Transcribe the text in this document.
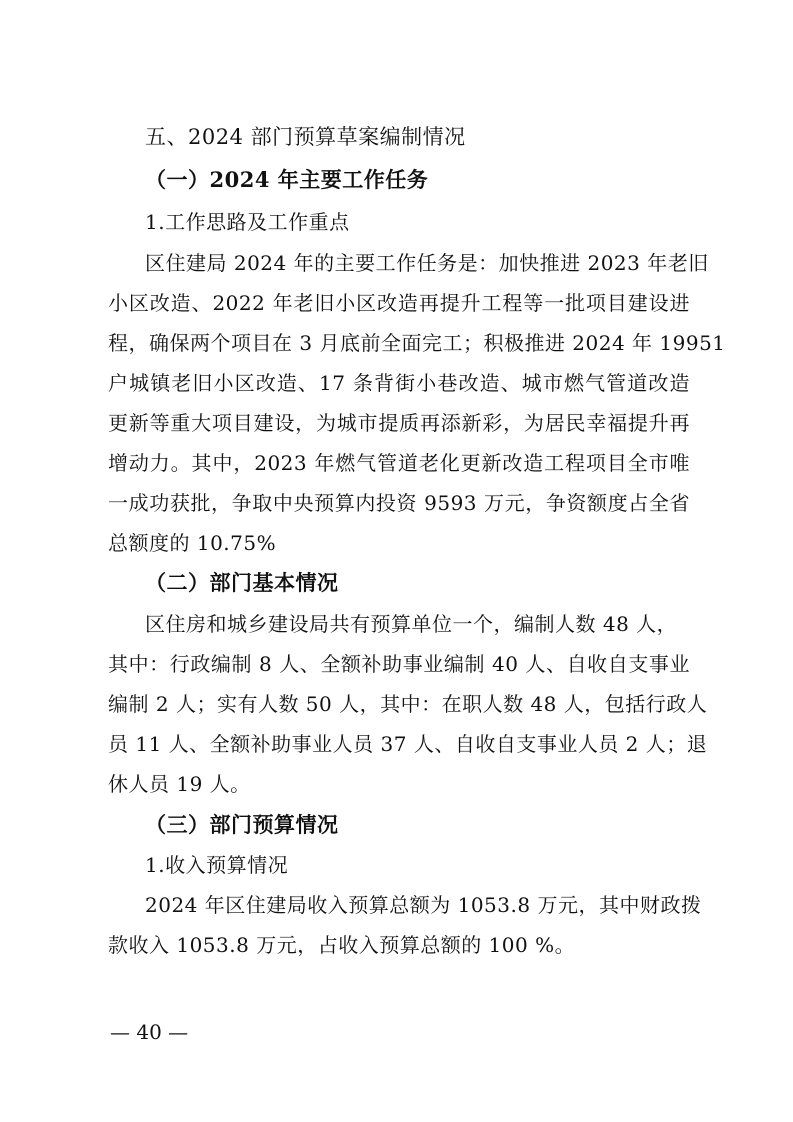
五、2024 部门预算草案编制情况
（一）2024 年主要工作任务
1.工作思路及工作重点
区住建局 2024 年的主要工作任务是：加快推进 2023 年老旧
小区改造、2022 年老旧小区改造再提升工程等一批项目建设进
程，确保两个项目在 3 月底前全面完工；积极推进 2024 年 19951
户城镇老旧小区改造、17 条背街小巷改造、城市燃气管道改造
更新等重大项目建设，为城市提质再添新彩，为居民幸福提升再
增动力。其中，2023 年燃气管道老化更新改造工程项目全市唯
一成功获批，争取中央预算内投资 9593 万元，争资额度占全省
总额度的 10.75%
（二）部门基本情况
区住房和城乡建设局共有预算单位一个，编制人数 48 人，
其中：行政编制 8 人、全额补助事业编制 40 人、自收自支事业
编制 2 人；实有人数 50 人，其中：在职人数 48 人，包括行政人
员 11 人、全额补助事业人员 37 人、自收自支事业人员 2 人；退
休人员 19 人。
（三）部门预算情况
1.收入预算情况
2024 年区住建局收入预算总额为 1053.8 万元，其中财政拨
款收入 1053.8 万元，占收入预算总额的 100 %。
— 40 —
